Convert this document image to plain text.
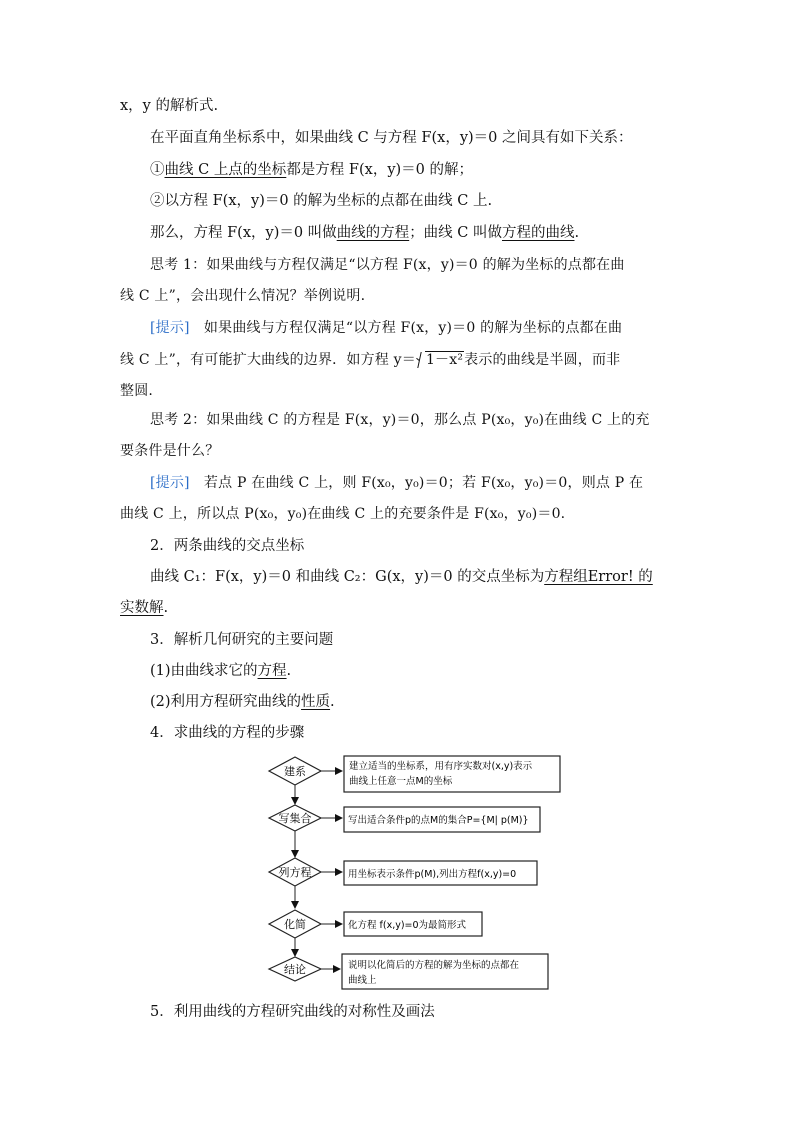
x，y 的解析式.
在平面直角坐标系中，如果曲线 C 与方程 F(x，y)＝0 之间具有如下关系：
①曲线 C 上点的坐标都是方程 F(x，y)＝0 的解；
②以方程 F(x，y)＝0 的解为坐标的点都在曲线 C 上.
那么，方程 F(x，y)＝0 叫做曲线的方程；曲线 C 叫做方程的曲线.
思考 1：如果曲线与方程仅满足“以方程 F(x，y)＝0 的解为坐标的点都在曲
线 C 上”，会出现什么情况？举例说明.
[提示]　如果曲线与方程仅满足“以方程 F(x，y)＝0 的解为坐标的点都在曲
线 C 上”，有可能扩大曲线的边界．如方程 y＝ 1－x²表示的曲线是半圆，而非
整圆.
思考 2：如果曲线 C 的方程是 F(x，y)＝0，那么点 P(x₀，y₀)在曲线 C 上的充
要条件是什么？
[提示]　若点 P 在曲线 C 上，则 F(x₀，y₀)＝0；若 F(x₀，y₀)＝0，则点 P 在
曲线 C 上，所以点 P(x₀，y₀)在曲线 C 上的充要条件是 F(x₀，y₀)＝0.
2．两条曲线的交点坐标
曲线 C₁：F(x，y)＝0 和曲线 C₂：G(x，y)＝0 的交点坐标为方程组Error! 的
实数解.
3．解析几何研究的主要问题
(1)由曲线求它的方程.
(2)利用方程研究曲线的性质.
4．求曲线的方程的步骤
建系	建立适当的坐标系，用有序实数对(x,y)表示
曲线上任意一点M的坐标
写集合	写出适合条件p的点M的集合P={M| p(M)}
列方程	用坐标表示条件p(M),列出方程f(x,y)=0
化简	化方程 f(x,y)=0为最简形式
结论	说明以化简后的方程的解为坐标的点都在
曲线上
5．利用曲线的方程研究曲线的对称性及画法
